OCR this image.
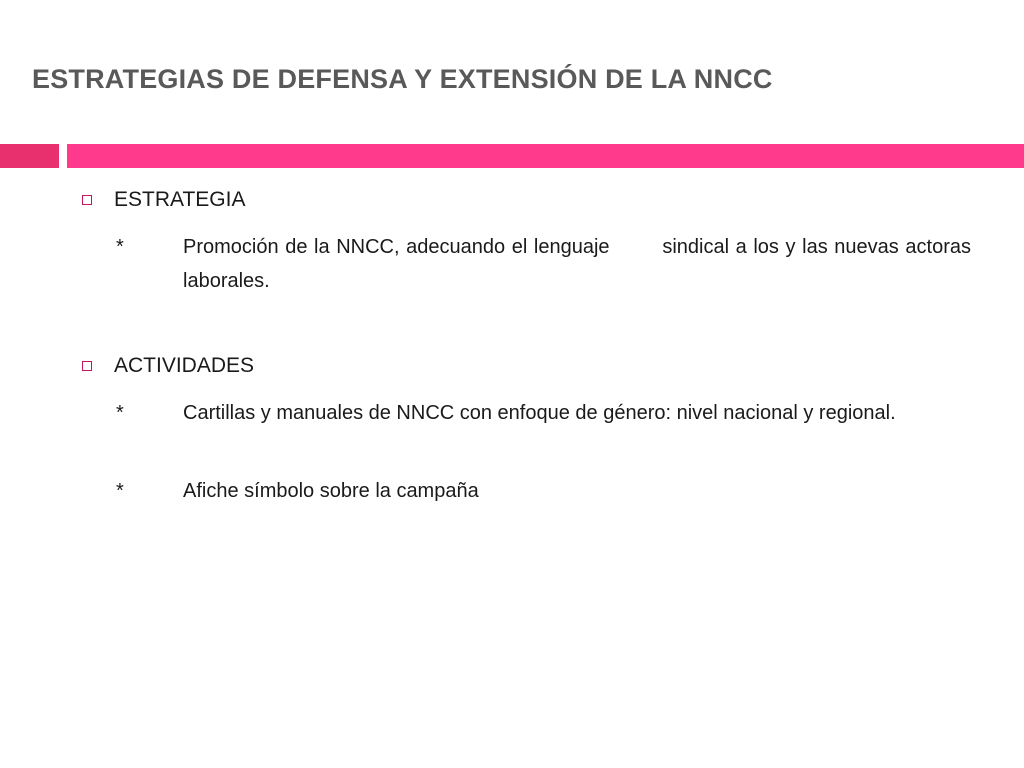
ESTRATEGIAS DE DEFENSA Y EXTENSIÓN DE LA NNCC
ESTRATEGIA
*	Promoción de la NNCC, adecuando el lenguaje        sindical a los y las nuevas actoras laborales.
ACTIVIDADES
*	Cartillas y manuales de NNCC con enfoque de género: nivel nacional y regional.
*	Afiche símbolo sobre la campaña
